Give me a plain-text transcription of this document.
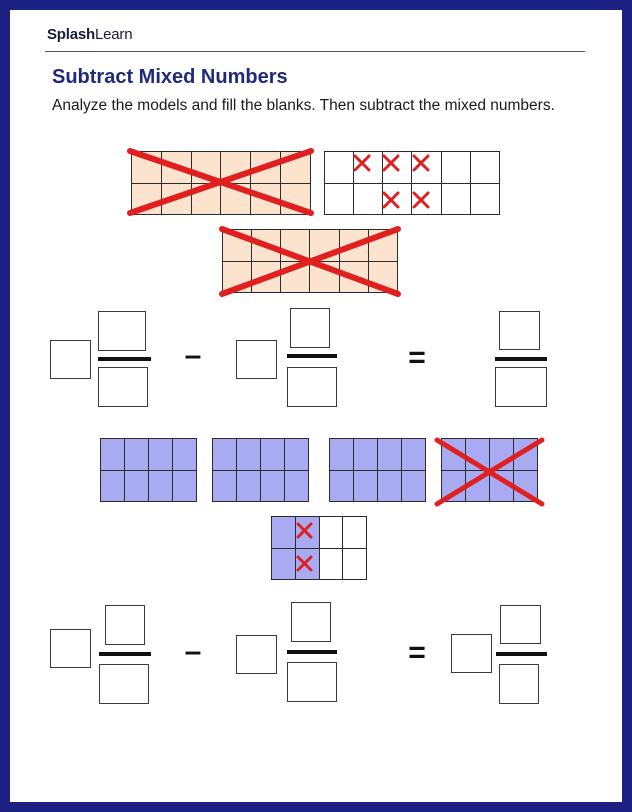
SplashLearn
Subtract Mixed Numbers
Analyze the models and fill the blanks. Then subtract the mixed numbers.

–	=

–	=
